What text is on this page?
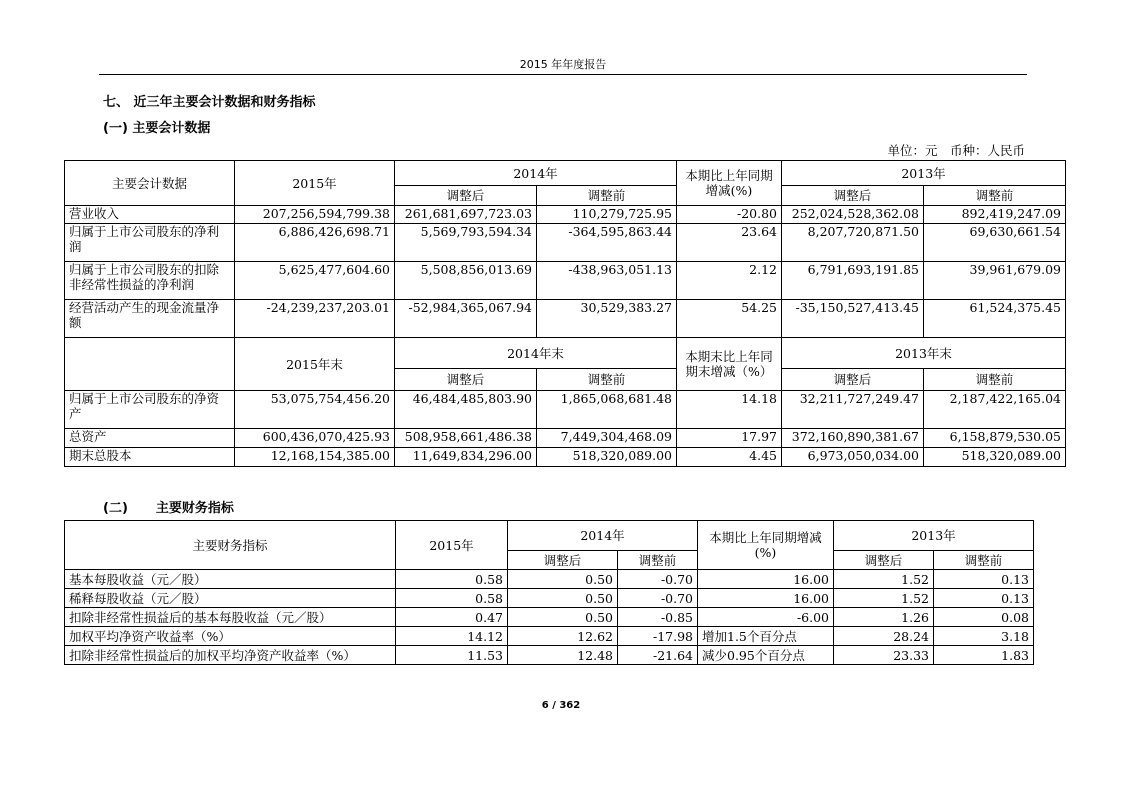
2015 年年度报告
七、 近三年主要会计数据和财务指标
(一) 主要会计数据
单位：元　币种：人民币
主要会计数据	2015年	2014年		本期比上年同期增减(%)	2013年	
		调整后	调整前		调整后	调整前
营业收入	207,256,594,799.38	261,681,697,723.03	110,279,725.95	-20.80	252,024,528,362.08	892,419,247.09
归属于上市公司股东的净利润	6,886,426,698.71	5,569,793,594.34	-364,595,863.44	23.64	8,207,720,871.50	69,630,661.54
归属于上市公司股东的扣除非经常性损益的净利润	5,625,477,604.60	5,508,856,013.69	-438,963,051.13	2.12	6,791,693,191.85	39,961,679.09
经营活动产生的现金流量净额	-24,239,237,203.01	-52,984,365,067.94	30,529,383.27	54.25	-35,150,527,413.45	61,524,375.45
	2015年末	2014年末		本期末比上年同期末增减（%）	2013年末	
		调整后	调整前		调整后	调整前
归属于上市公司股东的净资产	53,075,754,456.20	46,484,485,803.90	1,865,068,681.48	14.18	32,211,727,249.47	2,187,422,165.04
总资产	600,436,070,425.93	508,958,661,486.38	7,449,304,468.09	17.97	372,160,890,381.67	6,158,879,530.05
期末总股本	12,168,154,385.00	11,649,834,296.00	518,320,089.00	4.45	6,973,050,034.00	518,320,089.00
(二) 主要财务指标
主要财务指标	2015年	2014年		本期比上年同期增减(%)	2013年	
		调整后	调整前		调整后	调整前
基本每股收益（元／股）	0.58	0.50	-0.70	16.00	1.52	0.13
稀释每股收益（元／股）	0.58	0.50	-0.70	16.00	1.52	0.13
扣除非经常性损益后的基本每股收益（元／股）	0.47	0.50	-0.85	-6.00	1.26	0.08
加权平均净资产收益率（%）	14.12	12.62	-17.98	增加1.5个百分点	28.24	3.18
扣除非经常性损益后的加权平均净资产收益率（%）	11.53	12.48	-21.64	减少0.95个百分点	23.33	1.83
6 / 362
